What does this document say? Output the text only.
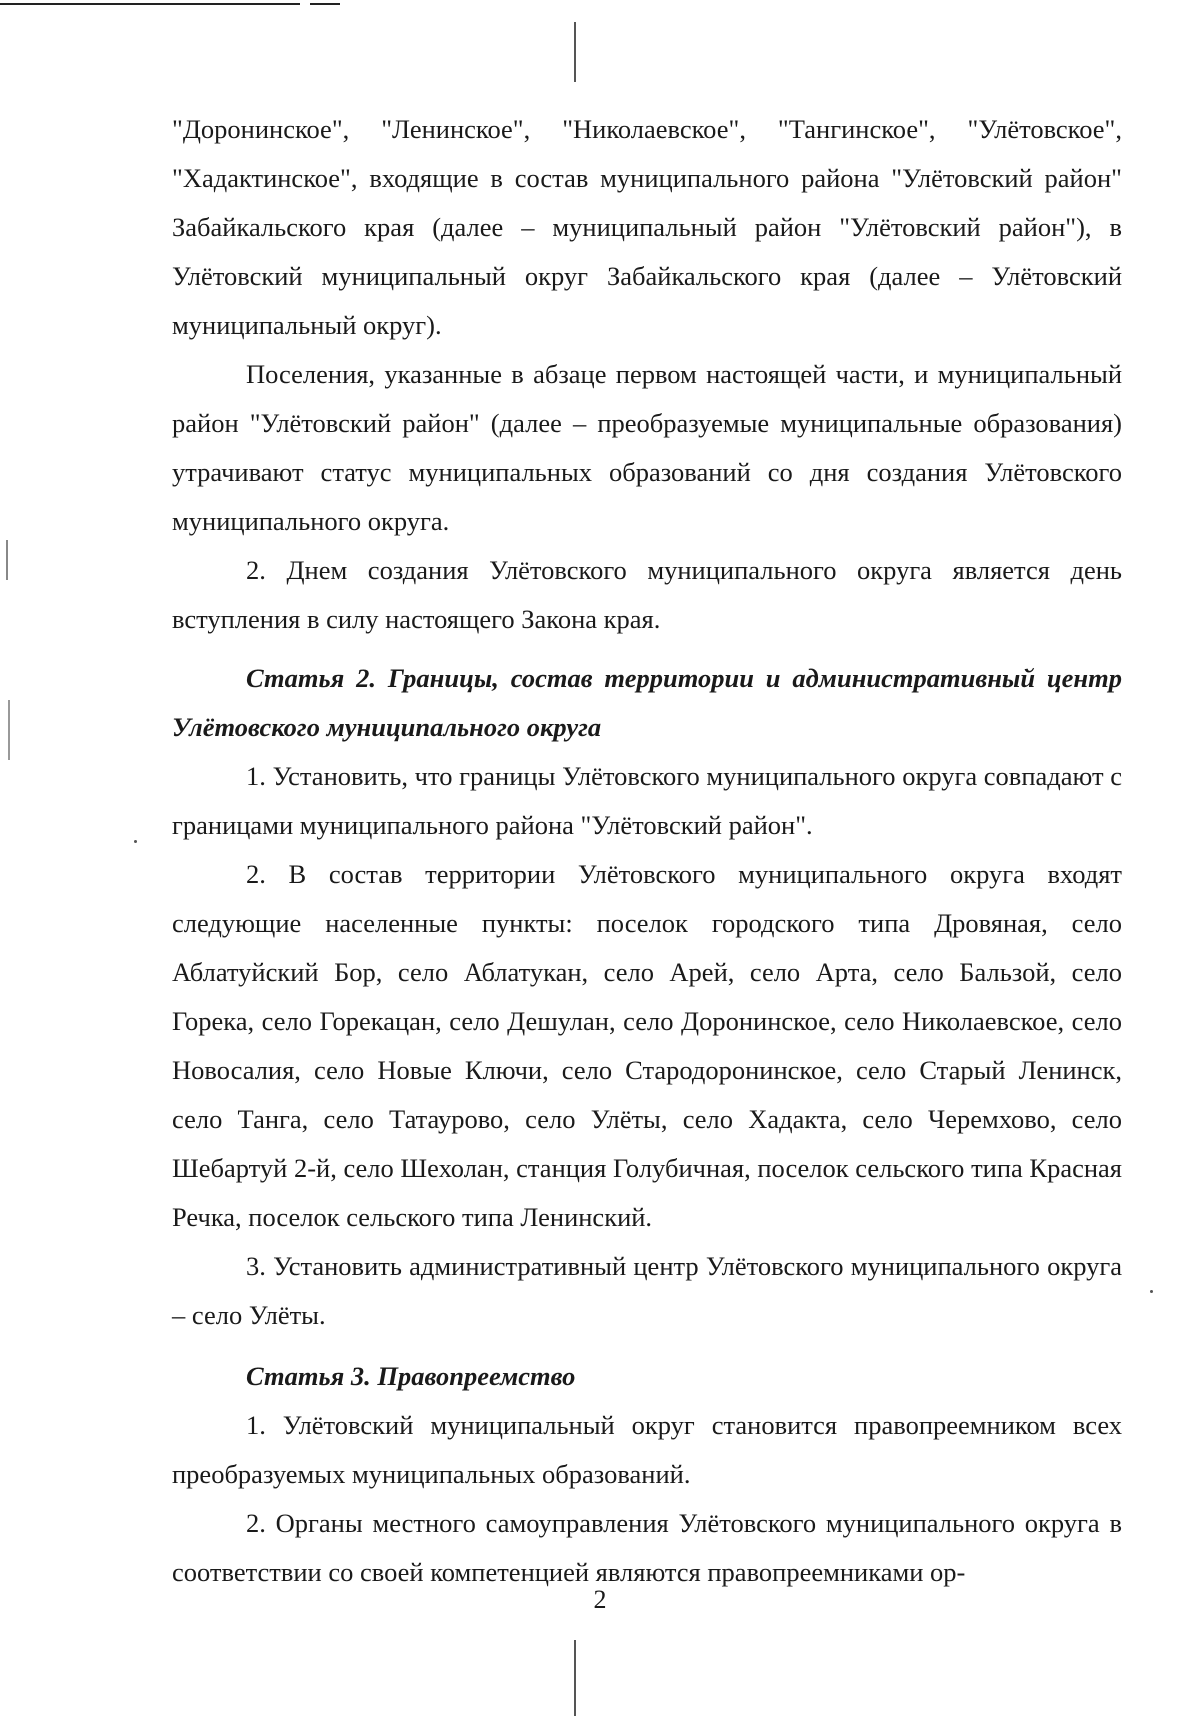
"Доронинское", "Ленинское", "Николаевское", "Тангинское", "Улётовское", "Хадактинское", входящие в состав муниципального района "Улётовский район" Забайкальского края (далее – муниципальный район "Улётовский район"), в Улётовский муниципальный округ Забайкальского края (далее – Улётовский муниципальный округ).

Поселения, указанные в абзаце первом настоящей части, и муниципальный район "Улётовский район" (далее – преобразуемые муниципальные образования) утрачивают статус муниципальных образований со дня создания Улётовского муниципального округа.

2. Днем создания Улётовского муниципального округа является день вступления в силу настоящего Закона края.

Статья 2. Границы, состав территории и административный центр Улётовского муниципального округа

1. Установить, что границы Улётовского муниципального округа совпадают с границами муниципального района "Улётовский район".

2. В состав территории Улётовского муниципального округа входят следующие населенные пункты: поселок городского типа Дровяная, село Аблатуйский Бор, село Аблатукан, село Арей, село Арта, село Бальзой, село Горека, село Горекацан, село Дешулан, село Доронинское, село Николаевское, село Новосалия, село Новые Ключи, село Стародоронинское, село Старый Ленинск, село Танга, село Татаурово, село Улёты, село Хадакта, село Черемхово, село Шебартуй 2-й, село Шехолан, станция Голубичная, поселок сельского типа Красная Речка, поселок сельского типа Ленинский.

3. Установить административный центр Улётовского муниципального округа – село Улёты.

Статья 3. Правопреемство

1. Улётовский муниципальный округ становится правопреемником всех преобразуемых муниципальных образований.

2. Органы местного самоуправления Улётовского муниципального округа в соответствии со своей компетенцией являются правопреемниками ор-

2
